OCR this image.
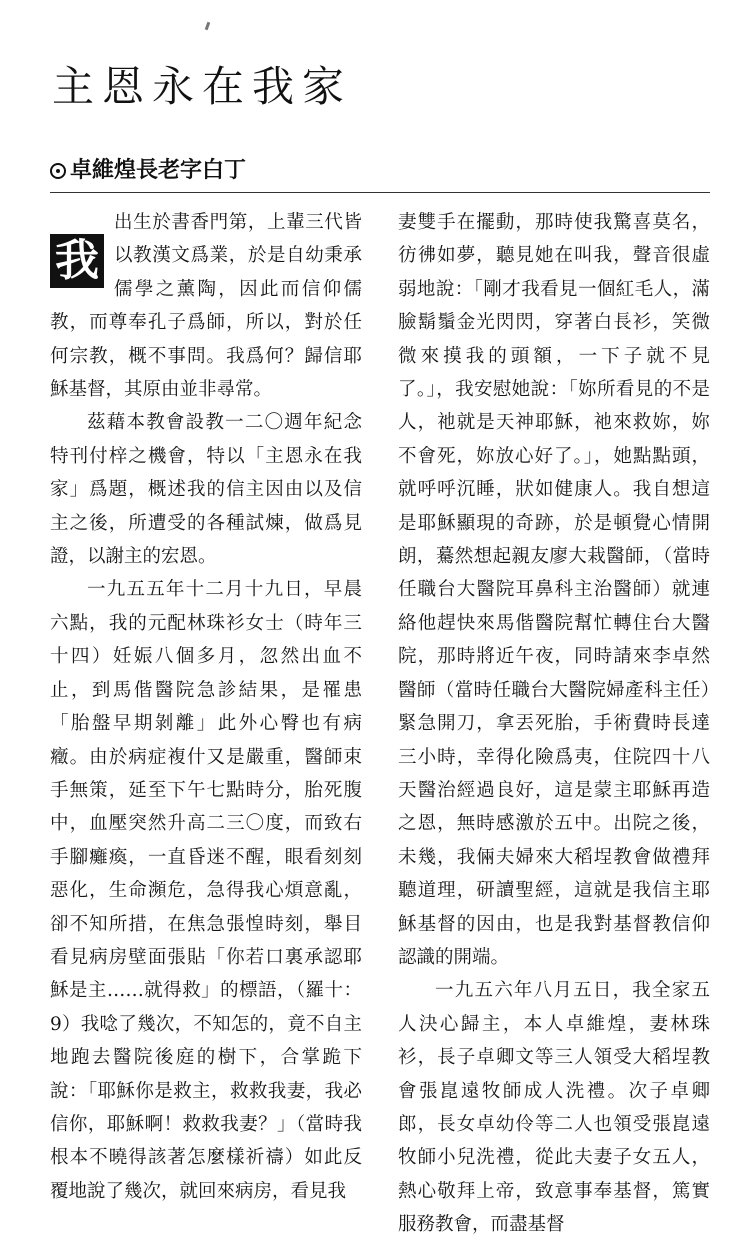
主恩永在我家
卓維煌長老字白丁
我

出生於書香門第，上輩三代皆以教漢文爲業，於是自幼秉承儒學之薰陶，因此而信仰儒教，而尊奉孔子爲師，所以，對於任何宗教，概不事問。我爲何？歸信耶穌基督，其原由並非尋常。

茲藉本教會設教一二〇週年紀念特刊付梓之機會，特以「主恩永在我家」爲題，概述我的信主因由以及信主之後，所遭受的各種試煉，做爲見證，以謝主的宏恩。

一九五五年十二月十九日，早晨六點，我的元配林珠衫女士（時年三十四）妊娠八個多月，忽然出血不止，到馬偕醫院急診結果，是罹患「胎盤早期剝離」此外心臀也有病癥。由於病症複什又是嚴重，醫師束手無策，延至下午七點時分，胎死腹中，血壓突然升高二三〇度，而致右手腳癱瘓，一直昏迷不醒，眼看刻刻惡化，生命瀕危，急得我心煩意亂，卻不知所措，在焦急張惶時刻，舉目看見病房壁面張貼「你若口裏承認耶穌是主……就得救」的標語，（羅十：9）我唸了幾次，不知怎的，竟不自主地跑去醫院後庭的樹下，合掌跪下說：「耶穌你是救主，救救我妻，我必信你，耶穌啊！救救我妻？」（當時我根本不曉得該著怎麼樣祈禱）如此反覆地說了幾次，就回來病房，看見我

妻雙手在擺動，那時使我驚喜莫名，彷彿如夢，聽見她在叫我，聲音很虛弱地說：「剛才我看見一個紅毛人，滿臉鬍鬚金光閃閃，穿著白長衫，笑微微來摸我的頭額，一下子就不見了。」，我安慰她說：「妳所看見的不是人，祂就是天神耶穌，祂來救妳，妳不會死，妳放心好了。」，她點點頭，就呼呼沉睡，狀如健康人。我自想這是耶穌顯現的奇跡，於是頓覺心情開朗，驀然想起親友廖大栽醫師，（當時任職台大醫院耳鼻科主治醫師）就連絡他趕快來馬偕醫院幫忙轉住台大醫院，那時將近午夜，同時請來李卓然醫師（當時任職台大醫院婦產科主任）緊急開刀，拿丟死胎，手術費時長達三小時，幸得化險爲夷，住院四十八天醫治經過良好，這是蒙主耶穌再造之恩，無時感激於五中。出院之後，未幾，我倆夫婦來大稻埕教會做禮拜聽道理，研讀聖經，這就是我信主耶穌基督的因由，也是我對基督教信仰認識的開端。

一九五六年八月五日，我全家五人決心歸主，本人卓維煌，妻林珠衫，長子卓卿文等三人領受大稻埕教會張崑遠牧師成人洗禮。次子卓卿郎，長女卓幼伶等二人也領受張崑遠牧師小兒洗禮，從此夫妻子女五人，熱心敬拜上帝，致意事奉基督，篤實服務教會，而盡基督
